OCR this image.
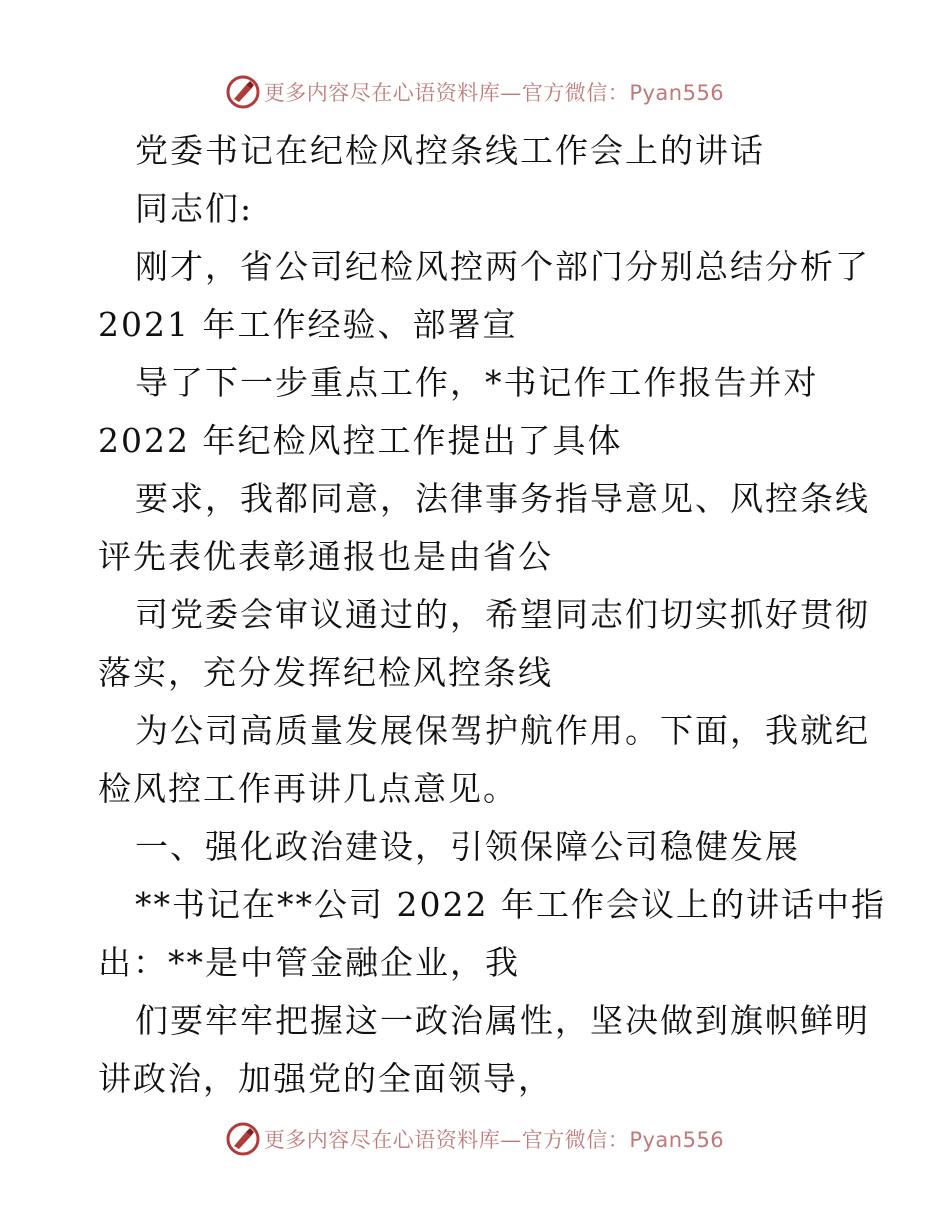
更多内容尽在心语资料库—官方微信：Pyan556

党委书记在纪检风控条线工作会上的讲话

同志们:

刚才，省公司纪检风控两个部门分别总结分析了
2021 年工作经验、部署宣

导了下一步重点工作，*书记作工作报告并对
2022 年纪检风控工作提出了具体

要求，我都同意，法律事务指导意见、风控条线
评先表优表彰通报也是由省公

司党委会审议通过的，希望同志们切实抓好贯彻
落实，充分发挥纪检风控条线

为公司高质量发展保驾护航作用。下面，我就纪
检风控工作再讲几点意见。

一、强化政治建设，引领保障公司稳健发展

**书记在**公司 2022 年工作会议上的讲话中指
出：**是中管金融企业，我

们要牢牢把握这一政治属性，坚决做到旗帜鲜明
讲政治，加强党的全面领导，

更多内容尽在心语资料库—官方微信：Pyan556
